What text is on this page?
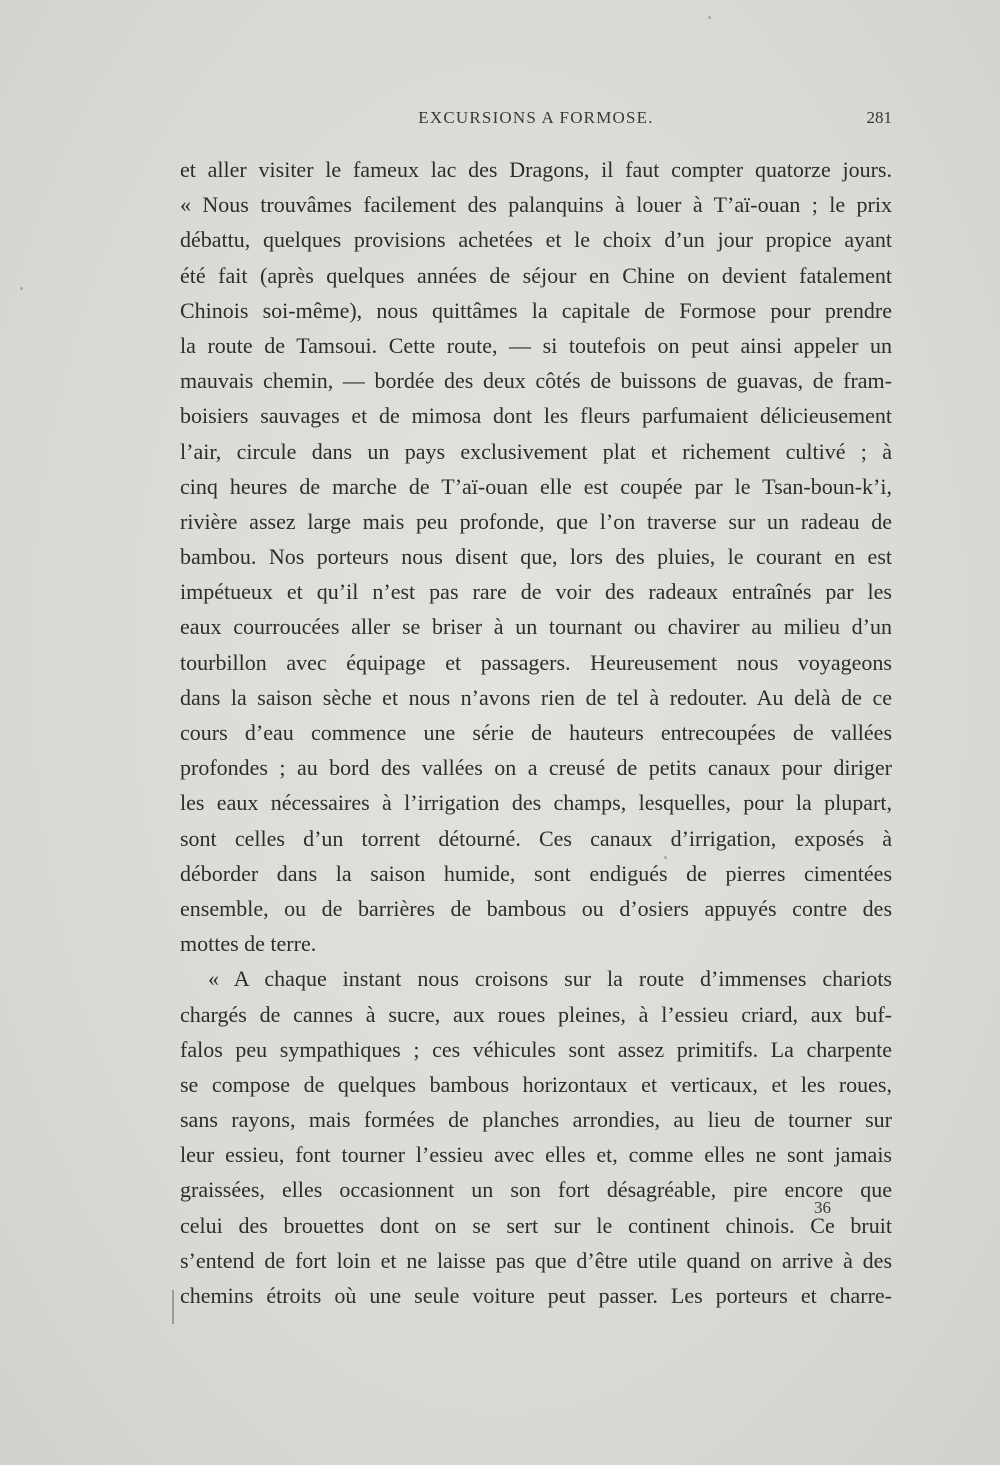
EXCURSIONS A FORMOSE.	281
et aller visiter le fameux lac des Dragons, il faut compter quatorze jours.
« Nous trouvâmes facilement des palanquins à louer à T’aï-ouan ; le prix
débattu, quelques provisions achetées et le choix d’un jour propice ayant
été fait (après quelques années de séjour en Chine on devient fatalement
Chinois soi-même), nous quittâmes la capitale de Formose pour prendre
la route de Tamsoui. Cette route, — si toutefois on peut ainsi appeler un
mauvais chemin, — bordée des deux côtés de buissons de guavas, de fram-
boisiers sauvages et de mimosa dont les fleurs parfumaient délicieusement
l’air, circule dans un pays exclusivement plat et richement cultivé ; à
cinq heures de marche de T’aï-ouan elle est coupée par le Tsan-boun-k’i,
rivière assez large mais peu profonde, que l’on traverse sur un radeau de
bambou. Nos porteurs nous disent que, lors des pluies, le courant en est
impétueux et qu’il n’est pas rare de voir des radeaux entraînés par les
eaux courroucées aller se briser à un tournant ou chavirer au milieu d’un
tourbillon avec équipage et passagers. Heureusement nous voyageons
dans la saison sèche et nous n’avons rien de tel à redouter. Au delà de ce
cours d’eau commence une série de hauteurs entrecoupées de vallées
profondes ; au bord des vallées on a creusé de petits canaux pour diriger
les eaux nécessaires à l’irrigation des champs, lesquelles, pour la plupart,
sont celles d’un torrent détourné. Ces canaux d’irrigation, exposés à
déborder dans la saison humide, sont endigués de pierres cimentées
ensemble, ou de barrières de bambous ou d’osiers appuyés contre des
mottes de terre.
« A chaque instant nous croisons sur la route d’immenses chariots
chargés de cannes à sucre, aux roues pleines, à l’essieu criard, aux buf-
falos peu sympathiques ; ces véhicules sont assez primitifs. La charpente
se compose de quelques bambous horizontaux et verticaux, et les roues,
sans rayons, mais formées de planches arrondies, au lieu de tourner sur
leur essieu, font tourner l’essieu avec elles et, comme elles ne sont jamais
graissées, elles occasionnent un son fort désagréable, pire encore que
celui des brouettes dont on se sert sur le continent chinois. Ce bruit
s’entend de fort loin et ne laisse pas que d’être utile quand on arrive à des
chemins étroits où une seule voiture peut passer. Les porteurs et charre-
36
